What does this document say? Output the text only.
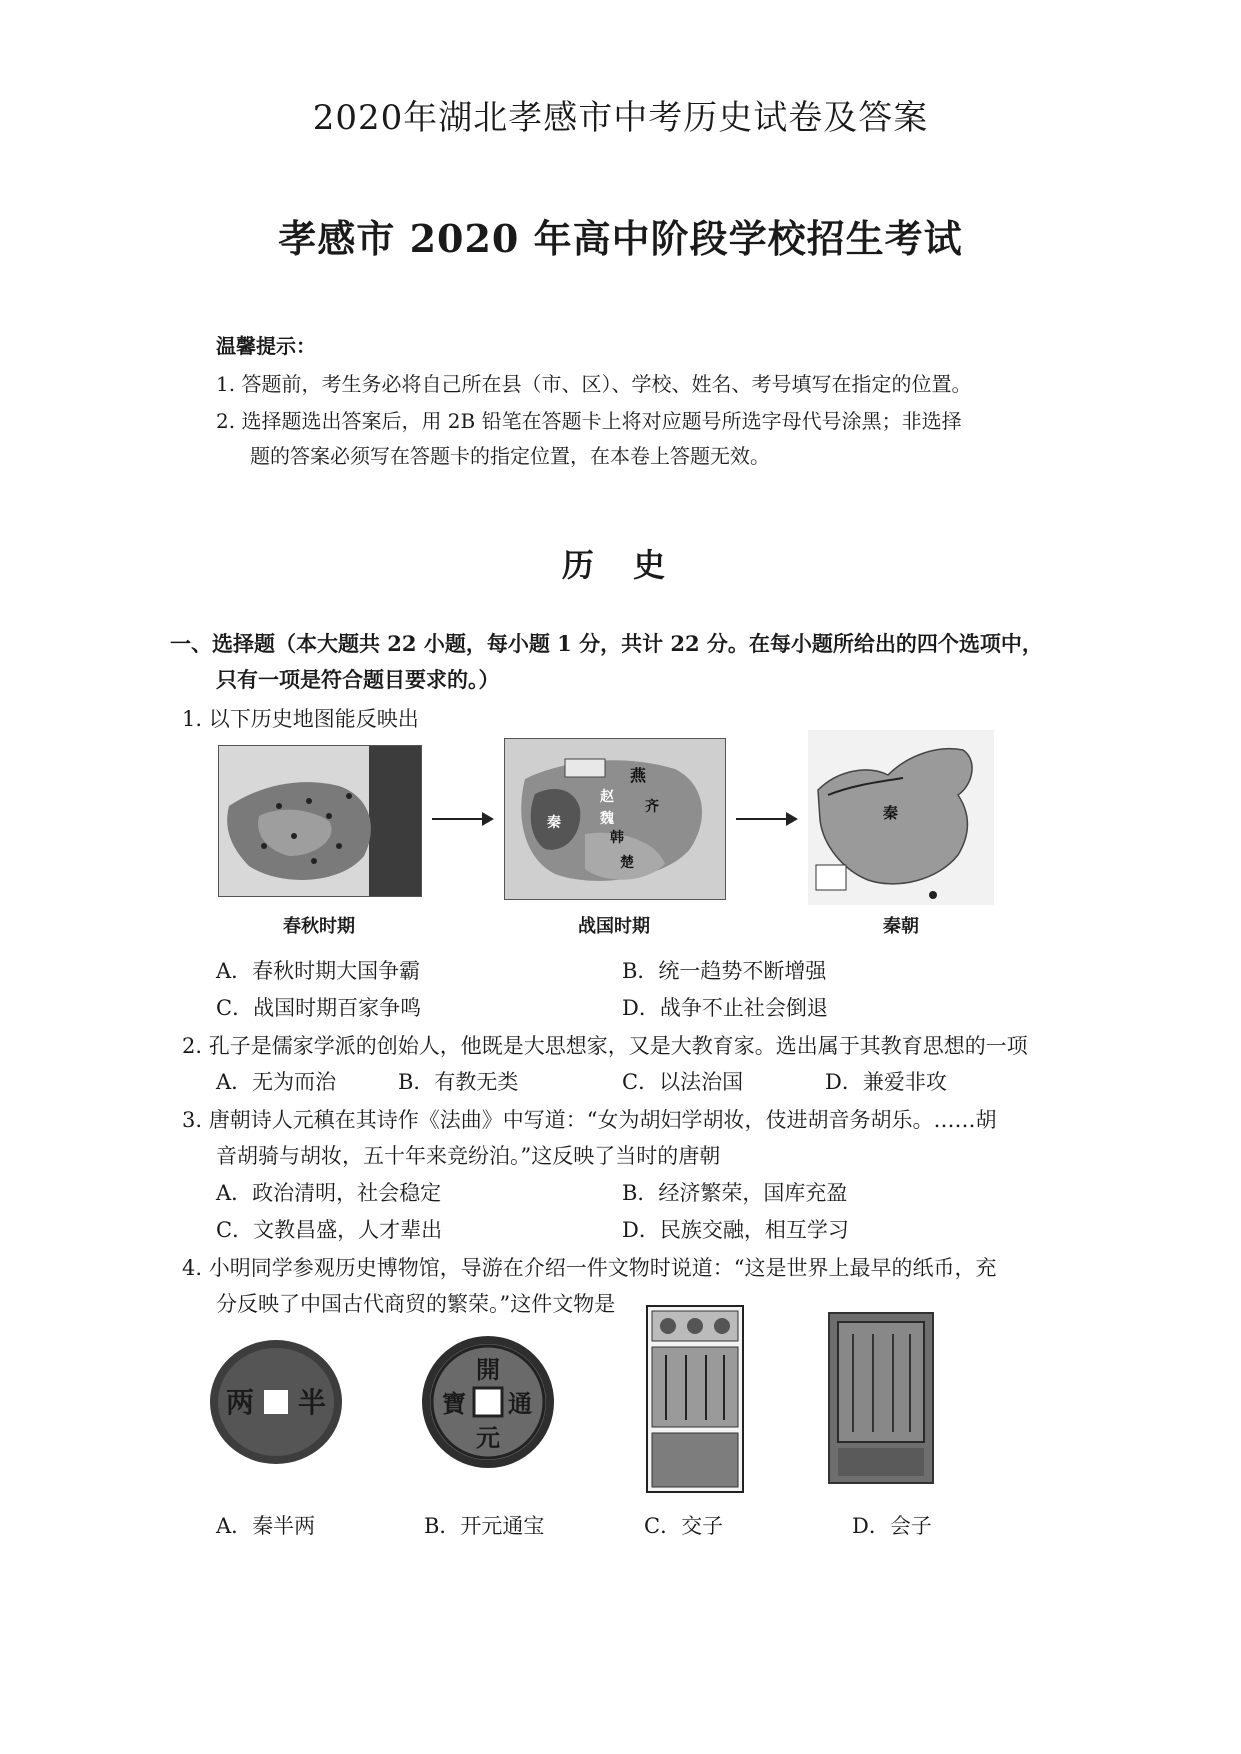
2020年湖北孝感市中考历史试卷及答案
孝感市 2020 年高中阶段学校招生考试
温馨提示：
1. 答题前，考生务必将自己所在县（市、区）、学校、姓名、考号填写在指定的位置。
2. 选择题选出答案后，用 2B 铅笔在答题卡上将对应题号所选字母代号涂黑；非选择
题的答案必须写在答题卡的指定位置，在本卷上答题无效。
历 史
一、选择题（本大题共 22 小题，每小题 1 分，共计 22 分。在每小题所给出的四个选项中，
只有一项是符合题目要求的。）
1. 以下历史地图能反映出
燕
赵
魏
齐
韩
秦
楚
秦
春秋时期	战国时期	秦朝
A．春秋时期大国争霸	B．统一趋势不断增强
C．战国时期百家争鸣	D．战争不止社会倒退
2. 孔子是儒家学派的创始人，他既是大思想家，又是大教育家。选出属于其教育思想的一项
A．无为而治	B．有教无类	C．以法治国	D．兼爱非攻
3. 唐朝诗人元稹在其诗作《法曲》中写道：“女为胡妇学胡妆，伎进胡音务胡乐。……胡
音胡骑与胡妆，五十年来竞纷泊。”这反映了当时的唐朝
A．政治清明，社会稳定	B．经济繁荣，国库充盈
C．文教昌盛，人才辈出	D．民族交融，相互学习
4. 小明同学参观历史博物馆，导游在介绍一件文物时说道：“这是世界上最早的纸币，充
分反映了中国古代商贸的繁荣。”这件文物是
半
两
開
元
通
寶
A．秦半两	B．开元通宝	C．交子	D．会子
